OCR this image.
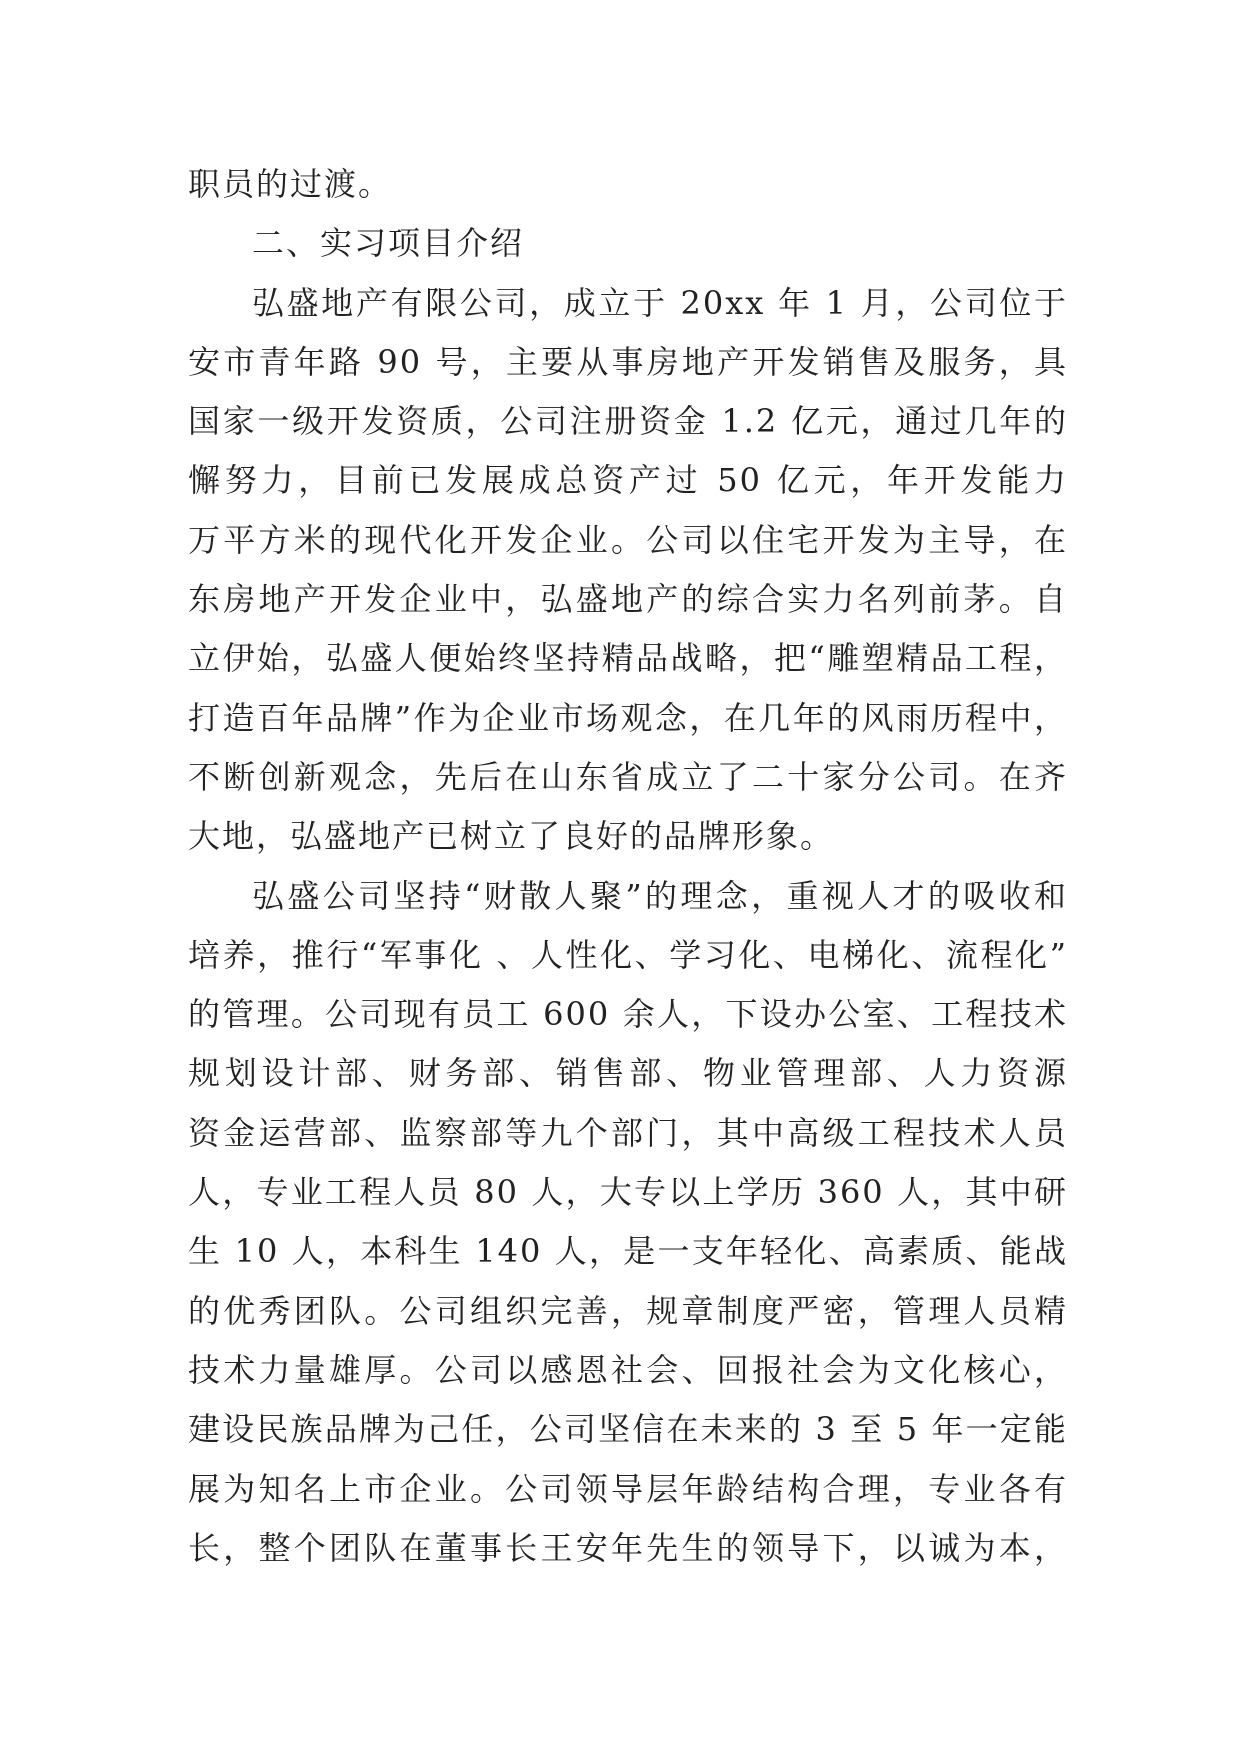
职员的过渡。
二、实习项目介绍
弘盛地产有限公司，成立于 20xx 年 1 月，公司位于
安市青年路 90 号，主要从事房地产开发销售及服务，具
国家一级开发资质，公司注册资金 1.2 亿元，通过几年的
懈努力，目前已发展成总资产过 50 亿元，年开发能力
万平方米的现代化开发企业。公司以住宅开发为主导，在
东房地产开发企业中，弘盛地产的综合实力名列前茅。自
立伊始，弘盛人便始终坚持精品战略，把“雕塑精品工程，
打造百年品牌”作为企业市场观念，在几年的风雨历程中，
不断创新观念，先后在山东省成立了二十家分公司。在齐
大地，弘盛地产已树立了良好的品牌形象。
弘盛公司坚持“财散人聚”的理念，重视人才的吸收和
培养，推行“军事化 、人性化、学习化、电梯化、流程化”
的管理。公司现有员工 600 余人，下设办公室、工程技术
规划设计部、财务部、销售部、物业管理部、人力资源
资金运营部、监察部等九个部门，其中高级工程技术人员
人，专业工程人员 80 人，大专以上学历 360 人，其中研
生 10 人，本科生 140 人，是一支年轻化、高素质、能战
的优秀团队。公司组织完善，规章制度严密，管理人员精
技术力量雄厚。公司以感恩社会、回报社会为文化核心，
建设民族品牌为己任，公司坚信在未来的 3 至 5 年一定能
展为知名上市企业。公司领导层年龄结构合理，专业各有
长，整个团队在董事长王安年先生的领导下，以诚为本，
